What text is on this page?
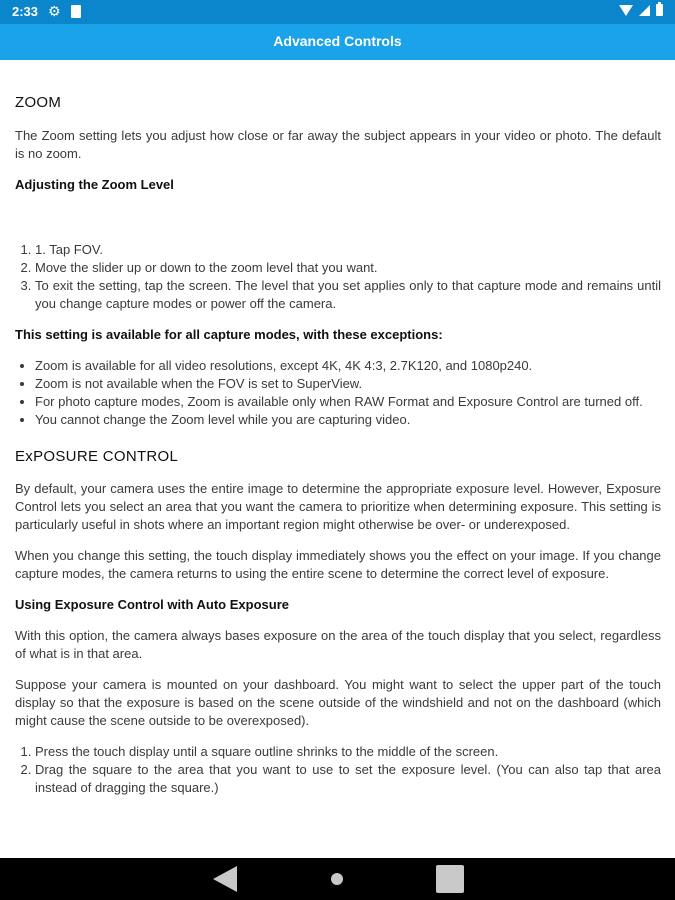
2:33 ⚙
Advanced Controls
ZOOM

The Zoom setting lets you adjust how close or far away the subject appears in your video or photo. The default is no zoom.

Adjusting the Zoom Level
1. 1. Tap FOV.
2. Move the slider up or down to the zoom level that you want.
3. To exit the setting, tap the screen. The level that you set applies only to that capture mode and remains until you change capture modes or power off the camera.
This setting is available for all capture modes, with these exceptions:
• Zoom is available for all video resolutions, except 4K, 4K 4:3, 2.7K120, and 1080p240.
• Zoom is not available when the FOV is set to SuperView.
• For photo capture modes, Zoom is available only when RAW Format and Exposure Control are turned off.
• You cannot change the Zoom level while you are capturing video.
ExPOSURE CONTROL

By default, your camera uses the entire image to determine the appropriate exposure level. However, Exposure Control lets you select an area that you want the camera to prioritize when determining exposure. This setting is particularly useful in shots where an important region might otherwise be over- or underexposed.

When you change this setting, the touch display immediately shows you the effect on your image. If you change capture modes, the camera returns to using the entire scene to determine the correct level of exposure.

Using Exposure Control with Auto Exposure

With this option, the camera always bases exposure on the area of the touch display that you select, regardless of what is in that area.

Suppose your camera is mounted on your dashboard. You might want to select the upper part of the touch display so that the exposure is based on the scene outside of the windshield and not on the dashboard (which might cause the scene outside to be overexposed).

1. Press the touch display until a square outline shrinks to the middle of the screen.
2. Drag the square to the area that you want to use to set the exposure level. (You can also tap that area instead of dragging the square.)
